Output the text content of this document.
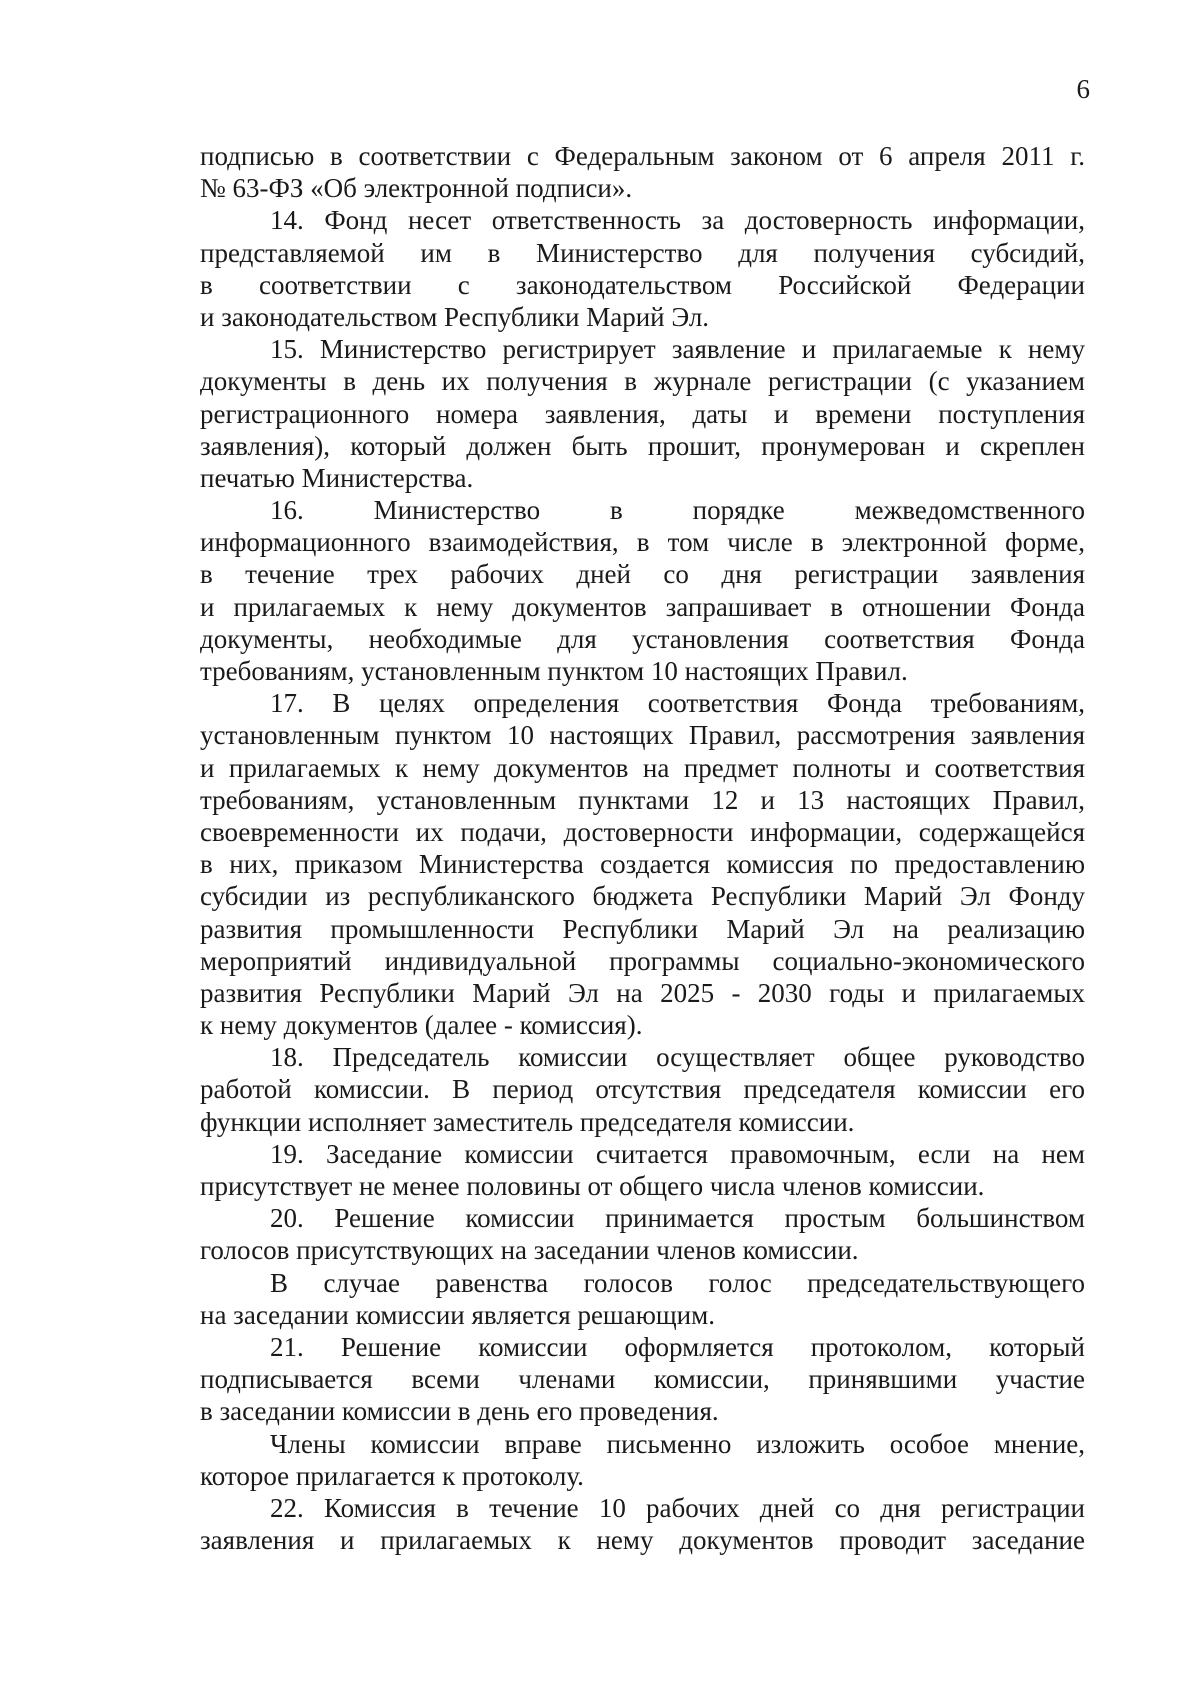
6
подписью в соответствии с Федеральным законом от 6 апреля 2011 г.
№ 63-ФЗ «Об электронной подписи».
14. Фонд несет ответственность за достоверность информации,
представляемой им в Министерство для получения субсидий,
в соответствии с законодательством Российской Федерации
и законодательством Республики Марий Эл.
15. Министерство регистрирует заявление и прилагаемые к нему
документы в день их получения в журнале регистрации (с указанием
регистрационного номера заявления, даты и времени поступления
заявления), который должен быть прошит, пронумерован и скреплен
печатью Министерства.
16. Министерство в порядке межведомственного
информационного взаимодействия, в том числе в электронной форме,
в течение трех рабочих дней со дня регистрации заявления
и прилагаемых к нему документов запрашивает в отношении Фонда
документы, необходимые для установления соответствия Фонда
требованиям, установленным пунктом 10 настоящих Правил.
17. В целях определения соответствия Фонда требованиям,
установленным пунктом 10 настоящих Правил, рассмотрения заявления
и прилагаемых к нему документов на предмет полноты и соответствия
требованиям, установленным пунктами 12 и 13 настоящих Правил,
своевременности их подачи, достоверности информации, содержащейся
в них, приказом Министерства создается комиссия по предоставлению
субсидии из республиканского бюджета Республики Марий Эл Фонду
развития промышленности Республики Марий Эл на реализацию
мероприятий индивидуальной программы социально-экономического
развития Республики Марий Эл на 2025 - 2030 годы и прилагаемых
к нему документов (далее - комиссия).
18. Председатель комиссии осуществляет общее руководство
работой комиссии. В период отсутствия председателя комиссии его
функции исполняет заместитель председателя комиссии.
19. Заседание комиссии считается правомочным, если на нем
присутствует не менее половины от общего числа членов комиссии.
20. Решение комиссии принимается простым большинством
голосов присутствующих на заседании членов комиссии.
В случае равенства голосов голос председательствующего
на заседании комиссии является решающим.
21. Решение комиссии оформляется протоколом, который
подписывается всеми членами комиссии, принявшими участие
в заседании комиссии в день его проведения.
Члены комиссии вправе письменно изложить особое мнение,
которое прилагается к протоколу.
22. Комиссия в течение 10 рабочих дней со дня регистрации
заявления и прилагаемых к нему документов проводит заседание
